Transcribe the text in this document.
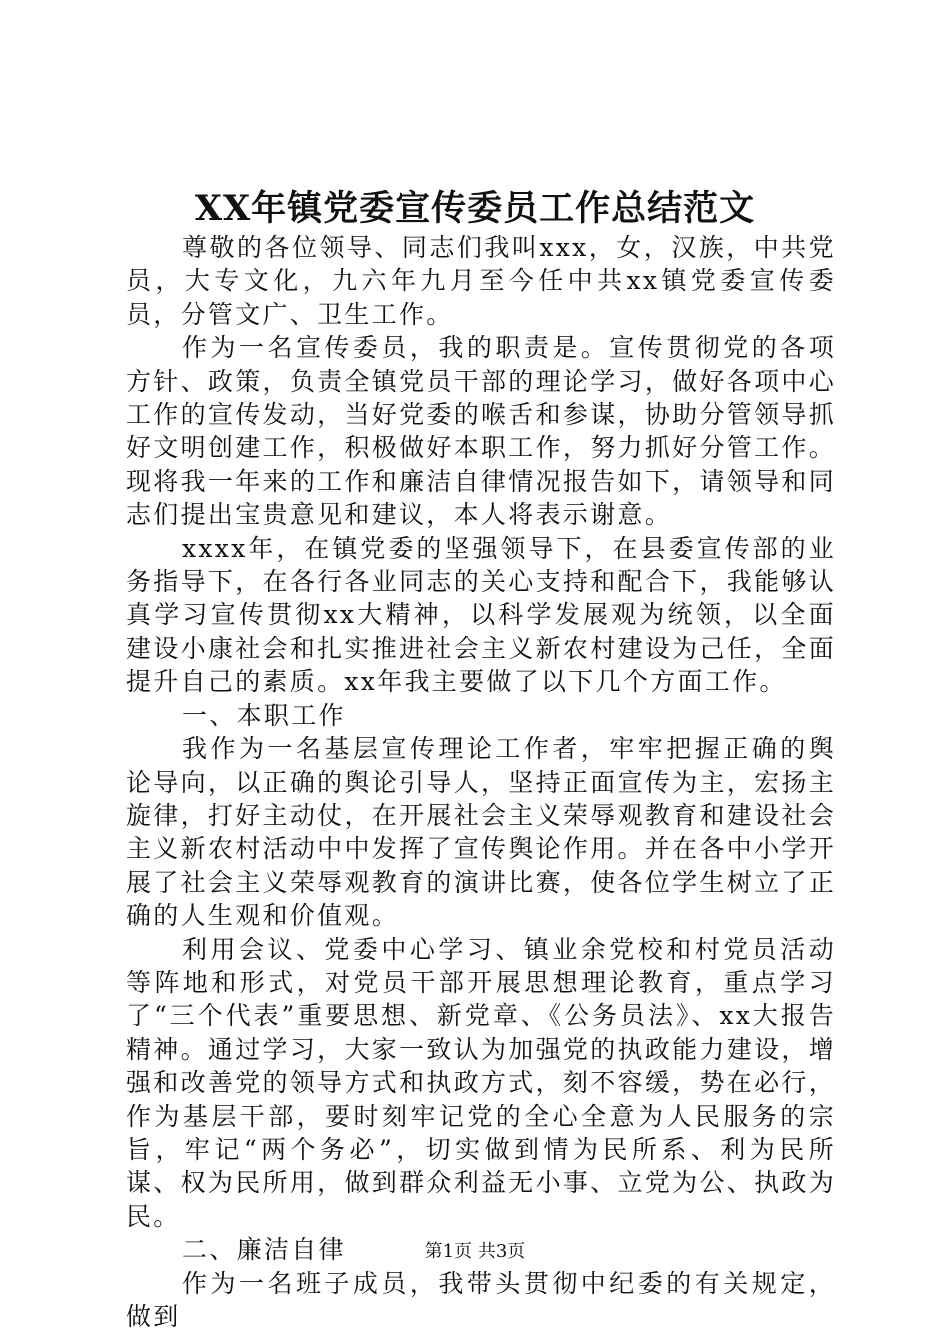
XX年镇党委宣传委员工作总结范文

尊敬的各位领导、同志们我叫xxx，女，汉族，中共党员，大专文化，九六年九月至今任中共xx镇党委宣传委员，分管文广、卫生工作。

作为一名宣传委员，我的职责是。宣传贯彻党的各项方针、政策，负责全镇党员干部的理论学习，做好各项中心工作的宣传发动，当好党委的喉舌和参谋，协助分管领导抓好文明创建工作，积极做好本职工作，努力抓好分管工作。现将我一年来的工作和廉洁自律情况报告如下，请领导和同志们提出宝贵意见和建议，本人将表示谢意。

xxxx年，在镇党委的坚强领导下，在县委宣传部的业务指导下，在各行各业同志的关心支持和配合下，我能够认真学习宣传贯彻xx大精神，以科学发展观为统领，以全面建设小康社会和扎实推进社会主义新农村建设为己任，全面提升自己的素质。xx年我主要做了以下几个方面工作。

一、本职工作

我作为一名基层宣传理论工作者，牢牢把握正确的舆论导向，以正确的舆论引导人，坚持正面宣传为主，宏扬主旋律，打好主动仗，在开展社会主义荣辱观教育和建设社会主义新农村活动中中发挥了宣传舆论作用。并在各中小学开展了社会主义荣辱观教育的演讲比赛，使各位学生树立了正确的人生观和价值观。

利用会议、党委中心学习、镇业余党校和村党员活动等阵地和形式，对党员干部开展思想理论教育，重点学习了“三个代表”重要思想、新党章、《公务员法》、xx大报告精神。通过学习，大家一致认为加强党的执政能力建设，增强和改善党的领导方式和执政方式，刻不容缓，势在必行，作为基层干部，要时刻牢记党的全心全意为人民服务的宗旨，牢记“两个务必”，切实做到情为民所系、利为民所谋、权为民所用，做到群众利益无小事、立党为公、执政为民。

二、廉洁自律

作为一名班子成员，我带头贯彻中纪委的有关规定，做到

第1页 共3页
